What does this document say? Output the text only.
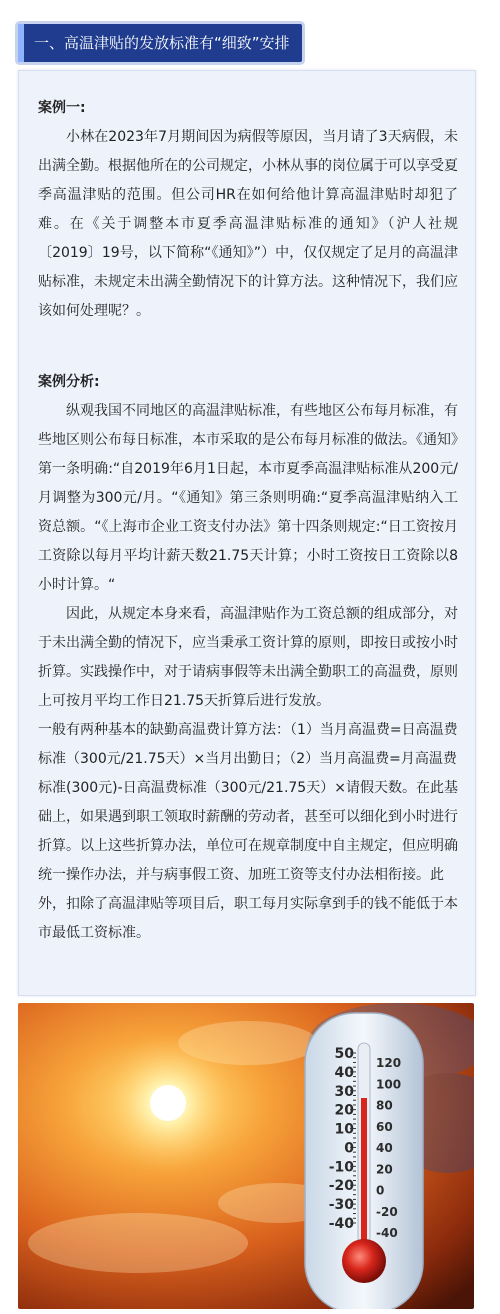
一、高温津贴的发放标准有“细致”安排

案例一:

小林在2023年7月期间因为病假等原因，当月请了3天病假，未出满全勤。根据他所在的公司规定，小林从事的岗位属于可以享受夏季高温津贴的范围。但公司HR在如何给他计算高温津贴时却犯了难。在《关于调整本市夏季高温津贴标准的通知》（沪人社规〔2019〕19号，以下简称“《通知》”）中，仅仅规定了足月的高温津贴标准，未规定未出满全勤情况下的计算方法。这种情况下，我们应该如何处理呢？。

案例分析:

纵观我国不同地区的高温津贴标准，有些地区公布每月标准，有些地区则公布每日标准，本市采取的是公布每月标准的做法。《通知》第一条明确:“自2019年6月1日起，本市夏季高温津贴标准从200元/月调整为300元/月。“《通知》第三条则明确:“夏季高温津贴纳入工资总额。“《上海市企业工资支付办法》第十四条则规定:“日工资按月工资除以每月平均计薪天数21.75天计算；小时工资按日工资除以8小时计算。“

因此，从规定本身来看，高温津贴作为工资总额的组成部分，对于未出满全勤的情况下，应当秉承工资计算的原则，即按日或按小时折算。实践操作中，对于请病事假等未出满全勤职工的高温费，原则上可按月平均工作日21.75天折算后进行发放。

一般有两种基本的缺勤高温费计算方法：（1）当月高温费=日高温费标准（300元/21.75天）×当月出勤日；（2）当月高温费=月高温费标准(300元)-日高温费标准（300元/21.75天）×请假天数。在此基础上，如果遇到职工领取时薪酬的劳动者，甚至可以细化到小时进行折算。以上这些折算办法，单位可在规章制度中自主规定，但应明确统一操作办法，并与病事假工资、加班工资等支付办法相衔接。此外，扣除了高温津贴等项目后，职工每月实际拿到手的钱不能低于本市最低工资标准。

50
40
30
20
10
0
-10
-20
-30
-40
120
100
80
60
40
20
0
-20
-40
